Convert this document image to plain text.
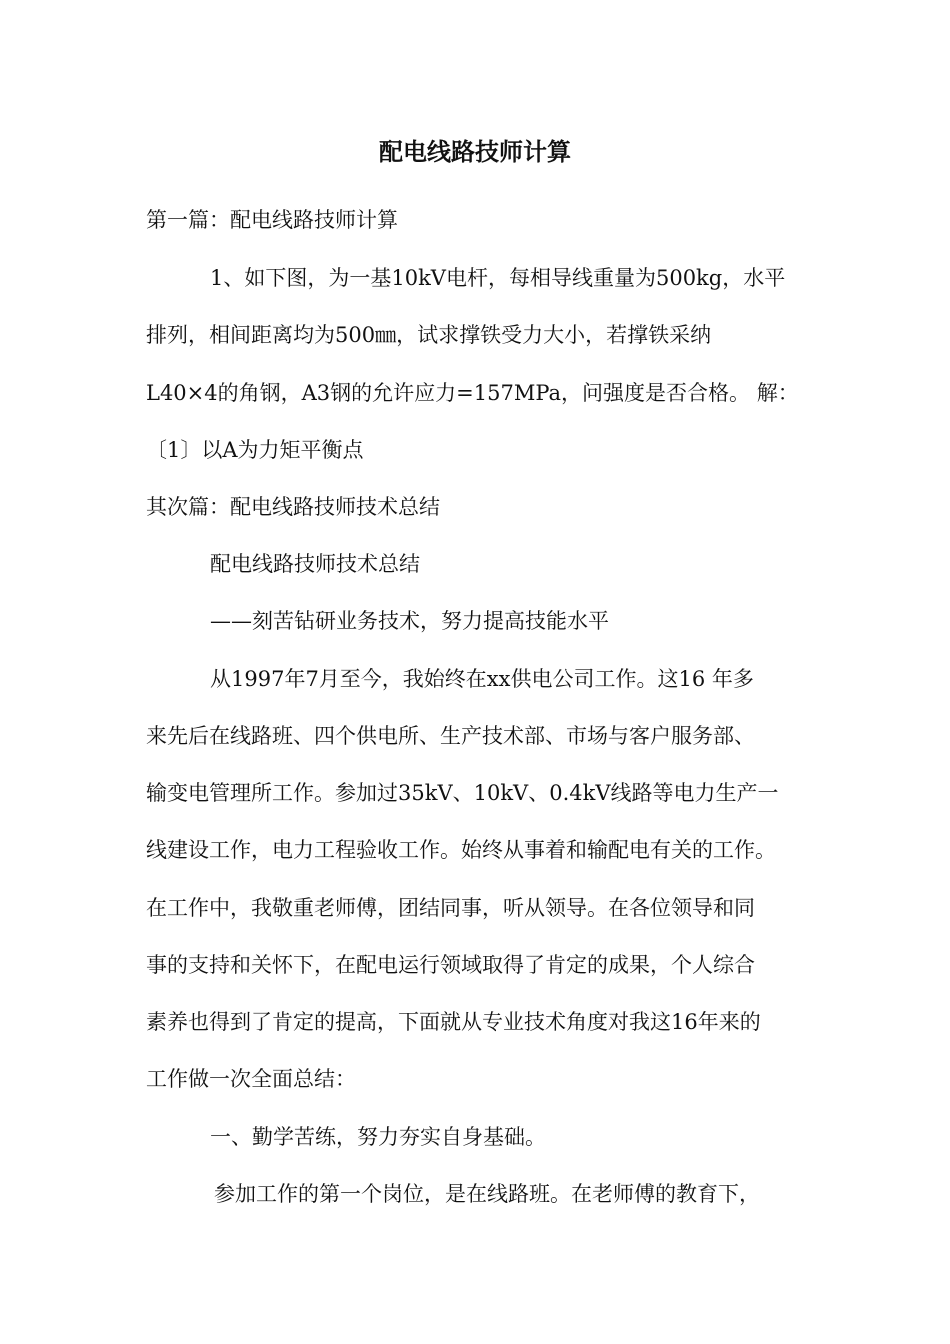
配电线路技师计算

第一篇：配电线路技师计算

1、如下图，为一基10kV电杆，每相导线重量为500kg，水平

排列，相间距离均为500㎜，试求撑铁受力大小，若撑铁采纳

L40×4的角钢，A3钢的允许应力=157MPa，问强度是否合格。 解：

〔1〕以A为力矩平衡点

其次篇：配电线路技师技术总结

配电线路技师技术总结

——刻苦钻研业务技术，努力提高技能水平

从1997年7月至今，我始终在xx供电公司工作。这16 年多

来先后在线路班、四个供电所、生产技术部、市场与客户服务部、

输变电管理所工作。参加过35kV、10kV、0.4kV线路等电力生产一

线建设工作，电力工程验收工作。始终从事着和输配电有关的工作。

在工作中，我敬重老师傅，团结同事，听从领导。在各位领导和同

事的支持和关怀下，在配电运行领域取得了肯定的成果，个人综合

素养也得到了肯定的提高，下面就从专业技术角度对我这16年来的

工作做一次全面总结：

一、勤学苦练，努力夯实自身基础。

参加工作的第一个岗位，是在线路班。在老师傅的教育下，
